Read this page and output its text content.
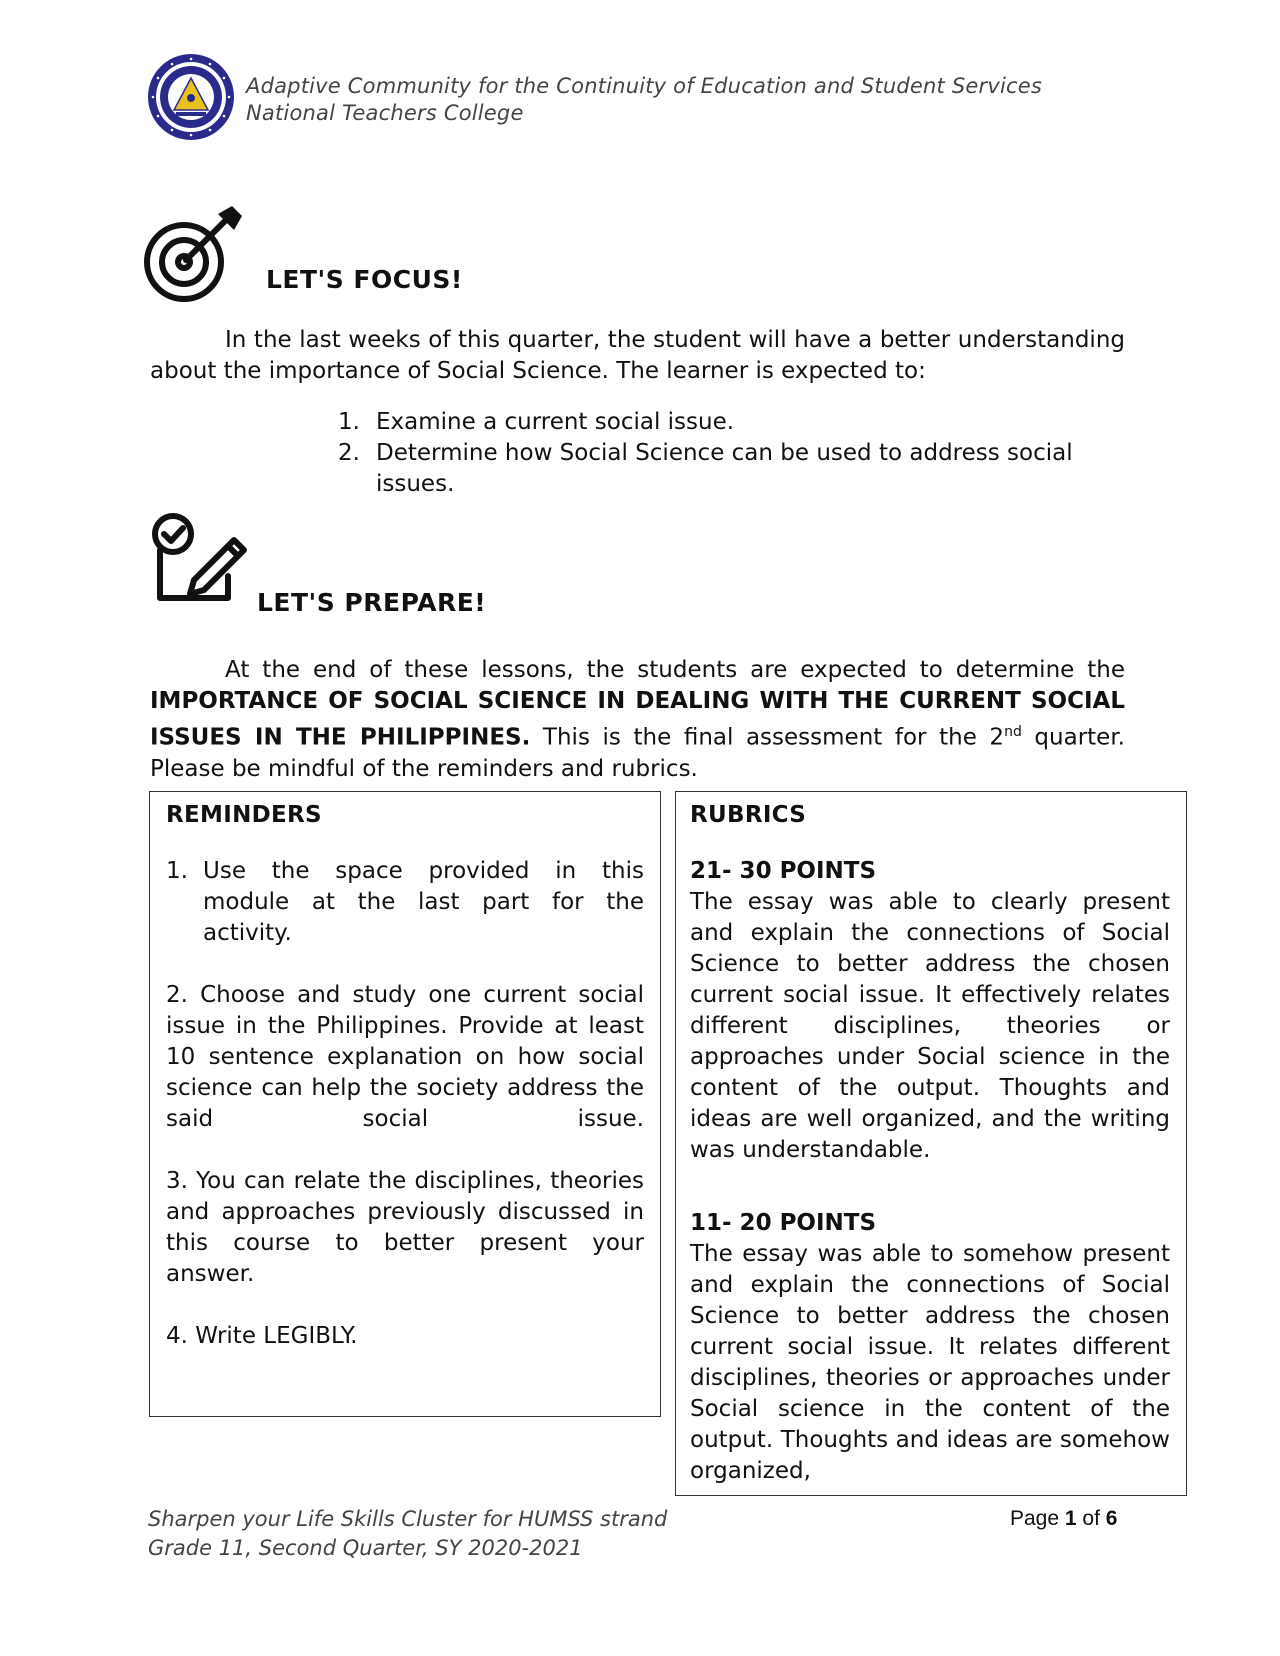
Adaptive Community for the Continuity of Education and Student Services
National Teachers College
LET'S FOCUS!

In the last weeks of this quarter, the student will have a better understanding about the importance of Social Science. The learner is expected to:

1. Examine a current social issue.
2. Determine how Social Science can be used to address social issues.
LET'S PREPARE!

At the end of these lessons, the students are expected to determine the IMPORTANCE OF SOCIAL SCIENCE IN DEALING WITH THE CURRENT SOCIAL ISSUES IN THE PHILIPPINES. This is the final assessment for the 2nd quarter. Please be mindful of the reminders and rubrics.

REMINDERS

1. Use the space provided in this module at the last part for the activity.

2. Choose and study one current social issue in the Philippines. Provide at least 10 sentence explanation on how social science can help the society address the said social issue.

3. You can relate the disciplines, theories and approaches previously discussed in this course to better present your answer.

4. Write LEGIBLY.

RUBRICS
21- 30 POINTS
The essay was able to clearly present and explain the connections of Social Science to better address the chosen current social issue. It effectively relates different disciplines, theories or approaches under Social science in the content of the output. Thoughts and ideas are well organized, and the writing was understandable.
11- 20 POINTS
The essay was able to somehow present and explain the connections of Social Science to better address the chosen current social issue. It relates different disciplines, theories or approaches under Social science in the content of the output. Thoughts and ideas are somehow organized,
Sharpen your Life Skills Cluster for HUMSS strand
Grade 11, Second Quarter, SY 2020-2021
Page 1 of 6
